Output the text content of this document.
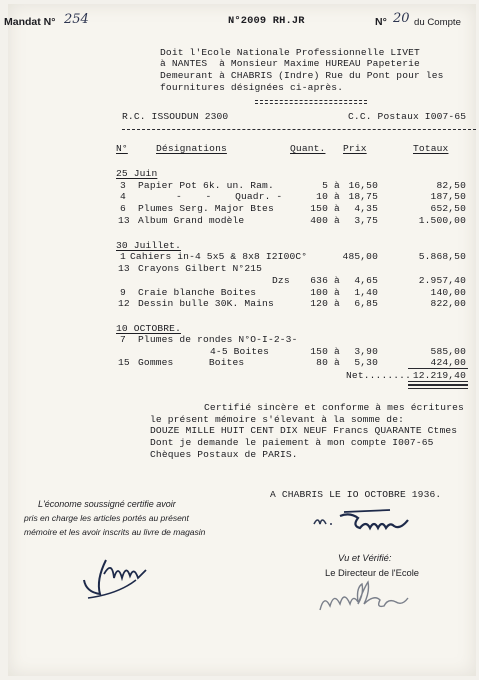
Mandat N° 254	N°2009 RH.JR	N° 20 du Compte
Doit l'Ecole Nationale Professionnelle LIVET
à NANTES  à Monsieur Maxime HUREAU Papeterie
Demeurant à CHABRIS (Indre) Rue du Pont pour les
fournitures désignées ci-après.
R.C. ISSOUDUN 2300	C.C. Postaux I007-65
N°	Désignations	Quant. Prix	Totaux
25 Juin
3 Papier Pot 6k. un. Ram.	5 à 16,50	82,50
4	-    -    Quadr. -	10 à 18,75	187,50
6 Plumes Serg. Major Btes	150 à	4,35	652,50
13 Album Grand modèle	400 à	3,75	1.500,00
30 Juillet.
1 Cahiers in-4 5x5 & 8x8 I2I00C°	485,00	5.868,50
13 Crayons Gilbert N°215
Dzs 636 à	4,65	2.957,40
9 Craie blanche Boites	100 à	1,40	140,00
12 Dessin bulle 30K. Mains	120 à	6,85	822,00
10 OCTOBRE.
7 Plumes de rondes N°O-I-2-3-
4-5 Boites	150 à	3,90	585,00
15 Gommes      Boites	80 à	5,30	424,00
Net........ 12.219,40
Certifié sincère et conforme à mes écritures
le présent mémoire s'élevant à la somme de:
DOUZE MILLE HUIT CENT DIX NEUF Francs QUARANTE Ctmes
Dont je demande le paiement à mon compte I007-65
Chèques Postaux de PARIS.
A CHABRIS LE IO OCTOBRE 1936.
L'économe soussigné certifie avoir
pris en charge les articles portés au présent
mémoire et les avoir inscrits au livre de magasin
Vu et Vérifié:
Le Directeur de l'Ecole
